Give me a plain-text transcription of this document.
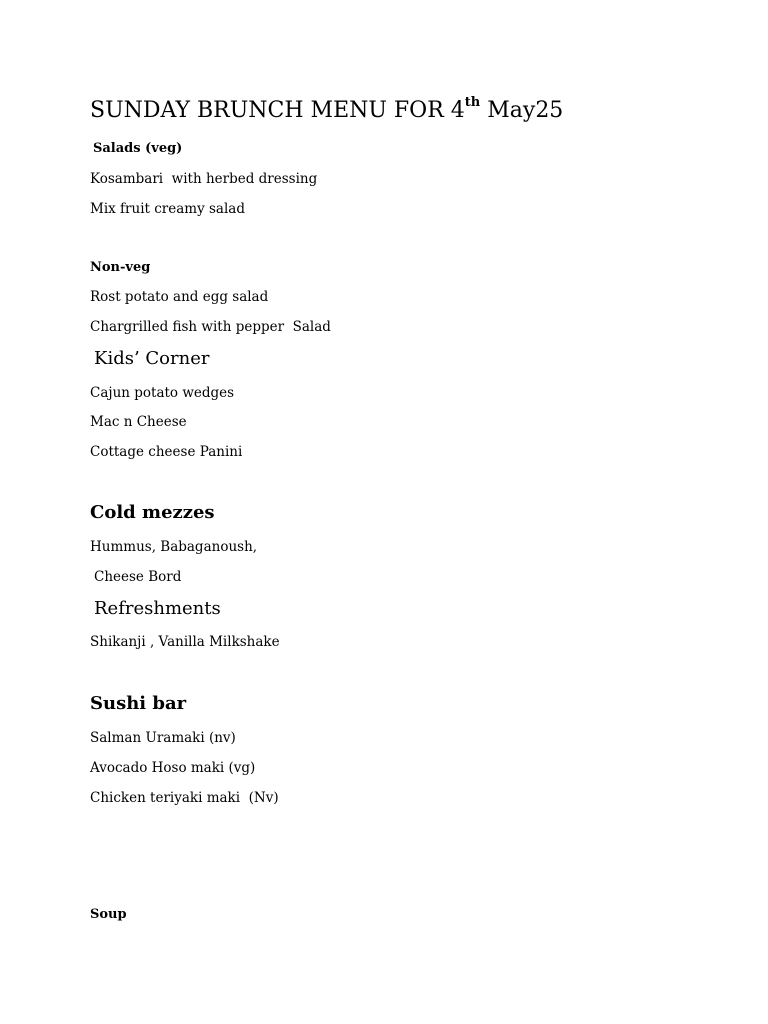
SUNDAY BRUNCH MENU FOR 4th May25
Salads (veg)
Kosambari  with herbed dressing
Mix fruit creamy salad
Non-veg
Rost potato and egg salad
Chargrilled fish with pepper  Salad
Kids’ Corner
Cajun potato wedges
Mac n Cheese
Cottage cheese Panini
Cold mezzes
Hummus, Babaganoush,
Cheese Bord
Refreshments
Shikanji , Vanilla Milkshake
Sushi bar
Salman Uramaki (nv)
Avocado Hoso maki (vg)
Chicken teriyaki maki  (Nv)
Soup
